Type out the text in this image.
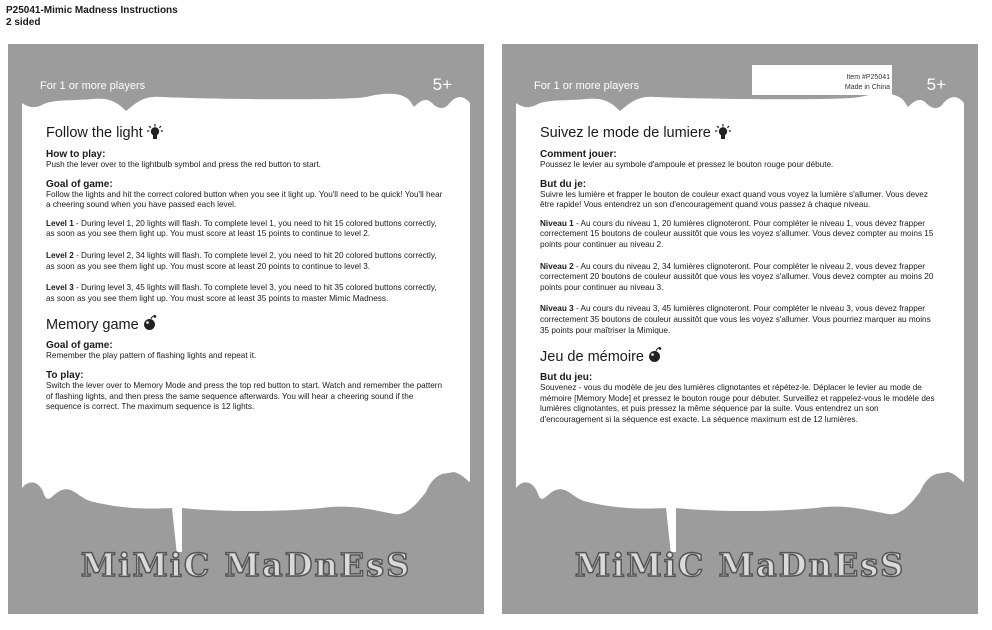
P25041-Mimic Madness Instructions
2 sided
For 1 or more players	5+
Follow the light
How to play:

Push the lever over to the lightbulb symbol and press the red button to start.

Goal of game:

Follow the lights and hit the correct colored button when you see it light up. You'll need to be quick! You'll hear a cheering sound when you have passed each level.

Level 1 - During level 1, 20 lights will flash. To complete level 1, you need to hit 15 colored buttons correctly, as soon as you see them light up. You must score at least 15 points to continue to level 2.

Level 2 - During level 2, 34 lights will flash. To complete level 2, you need to hit 20 colored buttons correctly, as soon as you see them light up. You must score at least 20 points to continue to level 3.

Level 3 - During level 3, 45 lights will flash. To complete level 3, you need to hit 35 colored buttons correctly, as soon as you see them light up. You must score at least 35 points to master Mimic Madness.

Memory game
Goal of game:

Remember the play pattern of flashing lights and repeat it.

To play:

Switch the lever over to Memory Mode and press the top red button to start. Watch and remember the pattern of flashing lights, and then press the same sequence afterwards. You will hear a cheering sound if the sequence is correct. The maximum sequence is 12 lights.

MiMiC MaDnEsS
For 1 or more players
Item #P25041
Made in China 5+
Suivez le mode de lumiere
Comment jouer:

Poussez le levier au symbole d'ampoule et pressez le bouton rouge pour débute.

But du je:

Suivre les lumière et frapper le bouton de couleur exact quand vous voyez la lumière s'allumer. Vous devez être rapide! Vous entendrez un son d'encouragement quand vous passez à chaque niveau.

Niveau 1 - Au cours du niveau 1, 20 lumières clignoteront. Pour compléter le niveau 1, vous devez frapper correctement 15 boutons de couleur aussitôt que vous les voyez s'allumer. Vous devez compter au moins 15 points pour continuer au niveau 2.

Niveau 2 - Au cours du niveau 2, 34 lumières clignoteront. Pour compléter le niveau 2, vous devez frapper correctement 20 boutons de couleur aussitôt que vous les voyez s'allumer. Vous devez compter au moins 20 points pour continuer au niveau 3.

Niveau 3 - Au cours du niveau 3, 45 lumières clignoteront. Pour compléter le niveau 3, vous devez frapper correctement 35 boutons de couleur aussitôt que vous les voyez s'allumer. Vous pourriez marquer au moins 35 points pour maîtriser la Mimique.

Jeu de mémoire
But du jeu:

Souvenez - vous du modèle de jeu des lumières clignotantes et répétez-le. Déplacer le levier au mode de mémoire [Memory Mode] et pressez le bouton rouge pour débuter. Surveillez et rappelez-vous le modèle des lumières clignotantes, et puis pressez la même séquence par la suite. Vous entendrez un son d'encouragement si la séquence est exacte. La séquence maximum est de 12 lumières.

MiMiC MaDnEsS
